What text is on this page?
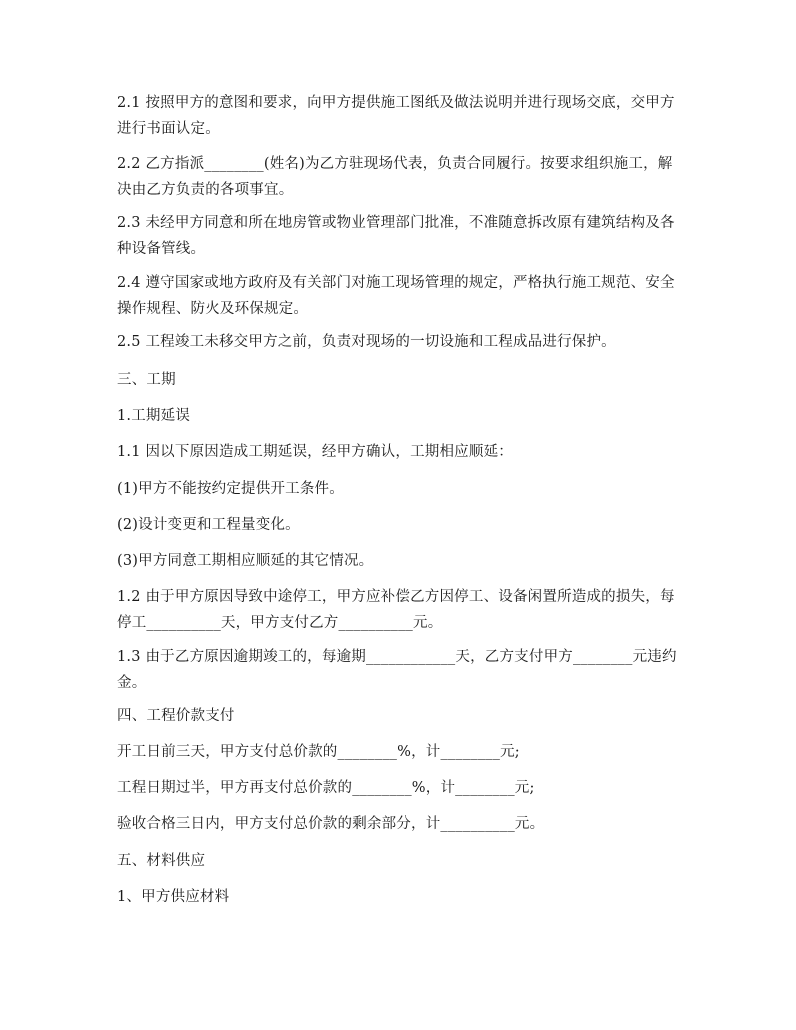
2.1 按照甲方的意图和要求，向甲方提供施工图纸及做法说明并进行现场交底，交甲方进行书面认定。

2.2 乙方指派________(姓名)为乙方驻现场代表，负责合同履行。按要求组织施工，解决由乙方负责的各项事宜。

2.3 未经甲方同意和所在地房管或物业管理部门批准，不准随意拆改原有建筑结构及各种设备管线。

2.4 遵守国家或地方政府及有关部门对施工现场管理的规定，严格执行施工规范、安全操作规程、防火及环保规定。

2.5 工程竣工未移交甲方之前，负责对现场的一切设施和工程成品进行保护。

三、工期

1.工期延误

1.1 因以下原因造成工期延误，经甲方确认，工期相应顺延：

(1)甲方不能按约定提供开工条件。

(2)设计变更和工程量变化。

(3)甲方同意工期相应顺延的其它情况。

1.2 由于甲方原因导致中途停工，甲方应补偿乙方因停工、设备闲置所造成的损失，每停工__________天，甲方支付乙方__________元。

1.3 由于乙方原因逾期竣工的，每逾期____________天，乙方支付甲方________元违约金。

四、工程价款支付

开工日前三天，甲方支付总价款的________%，计________元;

工程日期过半，甲方再支付总价款的________%，计________元;

验收合格三日内，甲方支付总价款的剩余部分，计__________元。

五、材料供应

1、甲方供应材料
